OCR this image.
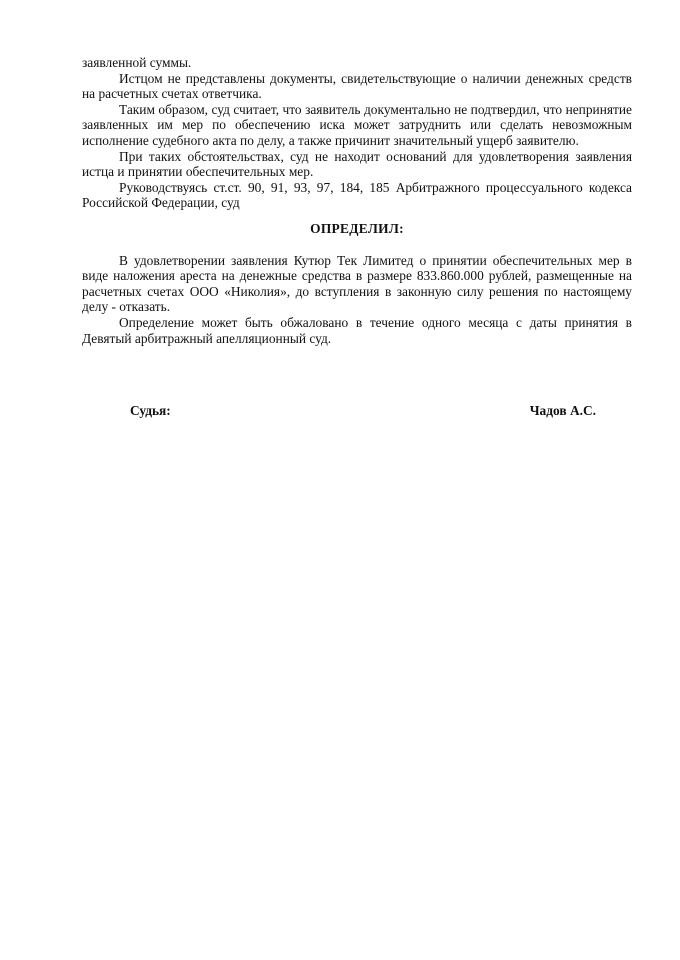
заявленной суммы.

Истцом не представлены документы, свидетельствующие о наличии денежных средств на расчетных счетах ответчика.

Таким образом, суд считает, что заявитель документально не подтвердил, что непринятие заявленных им мер по обеспечению иска может затруднить или сделать невозможным исполнение судебного акта по делу, а также причинит значительный ущерб заявителю.

При таких обстоятельствах, суд не находит оснований для удовлетворения заявления истца и принятии обеспечительных мер.

Руководствуясь ст.ст. 90, 91, 93, 97, 184, 185 Арбитражного процессуального кодекса Российской Федерации, суд

ОПРЕДЕЛИЛ:

В удовлетворении заявления Кутюр Тек Лимитед о принятии обеспечительных мер в виде наложения ареста на денежные средства в размере 833.860.000 рублей, размещенные на расчетных счетах ООО «Николия», до вступления в законную силу решения по настоящему делу - отказать.

Определение может быть обжаловано в течение одного месяца с даты принятия в Девятый арбитражный апелляционный суд.

Судья:	Чадов А.С.
